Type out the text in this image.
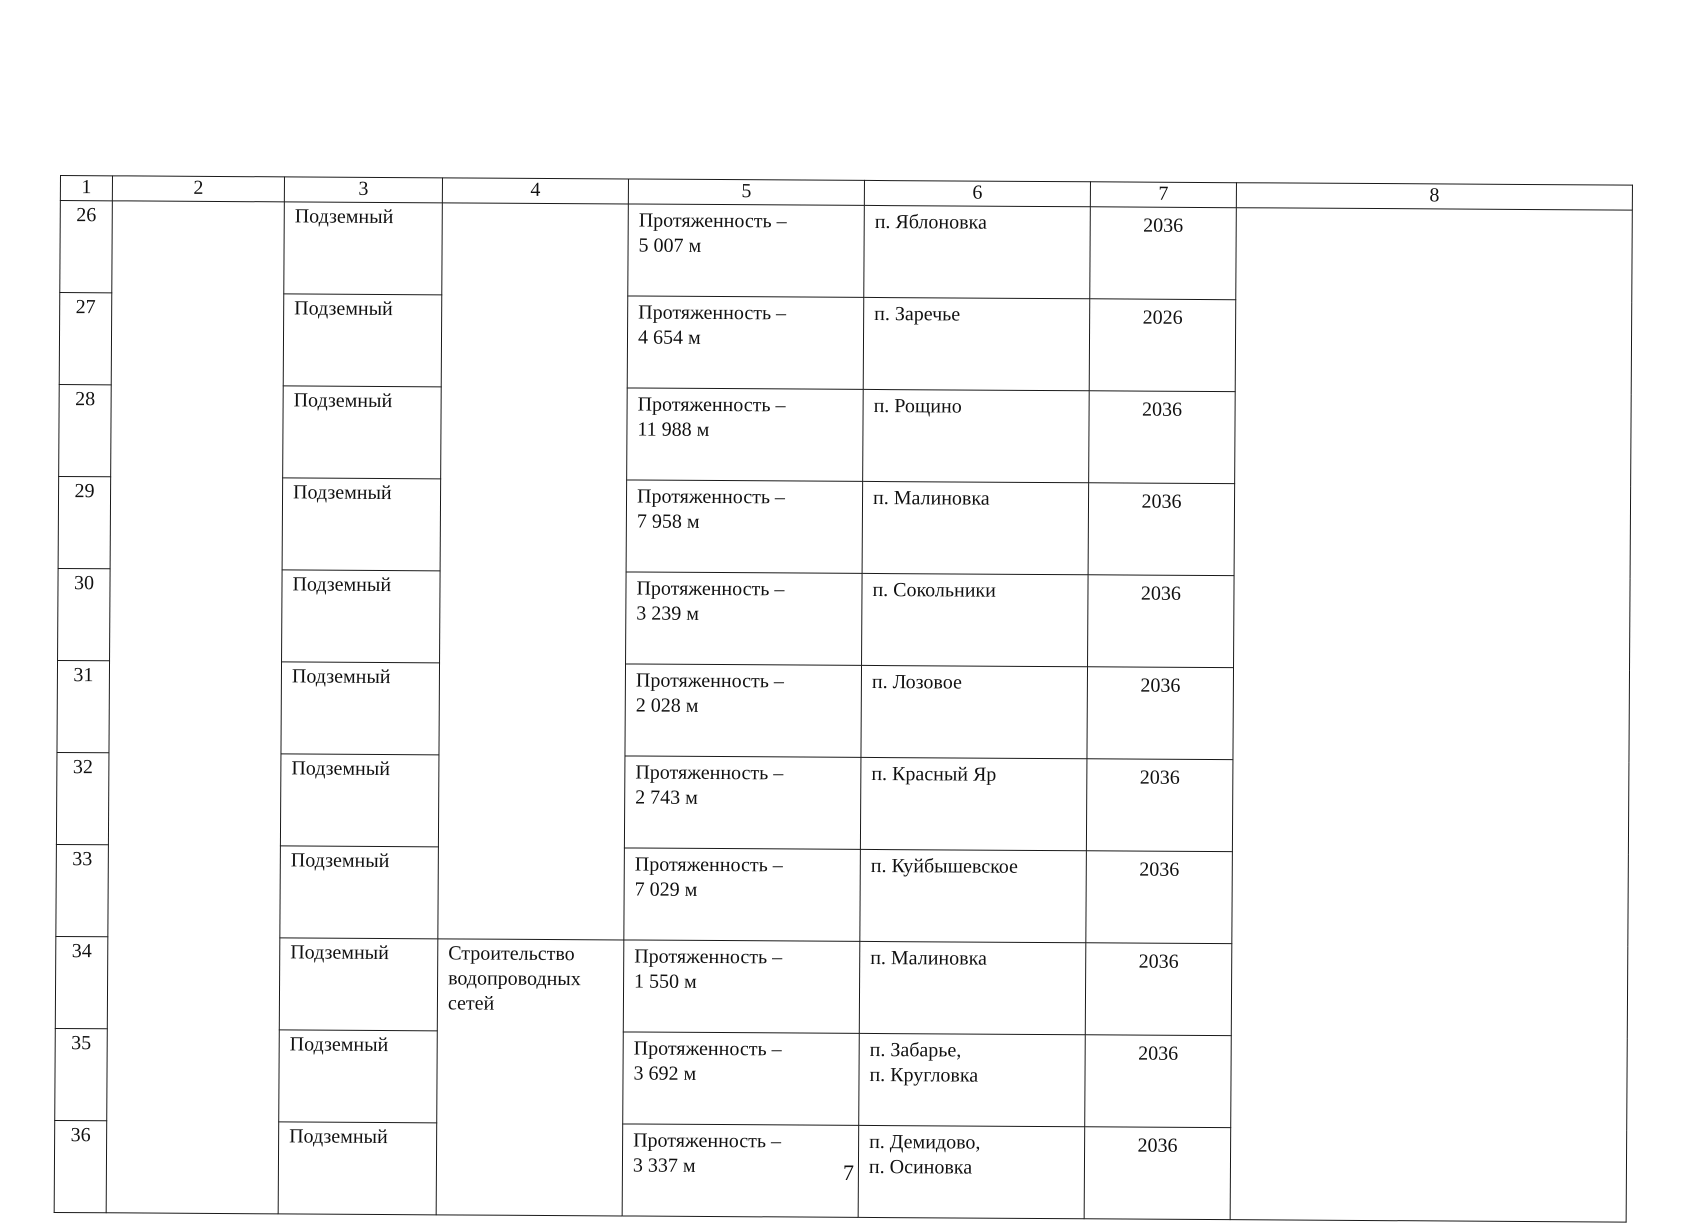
1	2	3	4	5	6	7	8
26		Подземный		Протяженность –
5 007 м	п. Яблоновка	2036	
27		Подземный		Протяженность –
4 654 м	п. Заречье	2026	
28		Подземный		Протяженность –
11 988 м	п. Рощино	2036	
29		Подземный		Протяженность –
7 958 м	п. Малиновка	2036	
30		Подземный		Протяженность –
3 239 м	п. Сокольники	2036	
31		Подземный		Протяженность –
2 028 м	п. Лозовое	2036	
32		Подземный		Протяженность –
2 743 м	п. Красный Яр	2036	
33		Подземный		Протяженность –
7 029 м	п. Куйбышевское	2036	
34		Подземный	Строительство водопроводных сетей	Протяженность –
1 550 м	п. Малиновка	2036	
35		Подземный		Протяженность –
3 692 м	п. Забарье,
п. Кругловка	2036	
36		Подземный		Протяженность –
3 337 м	п. Демидово,
п. Осиновка	2036	
7
